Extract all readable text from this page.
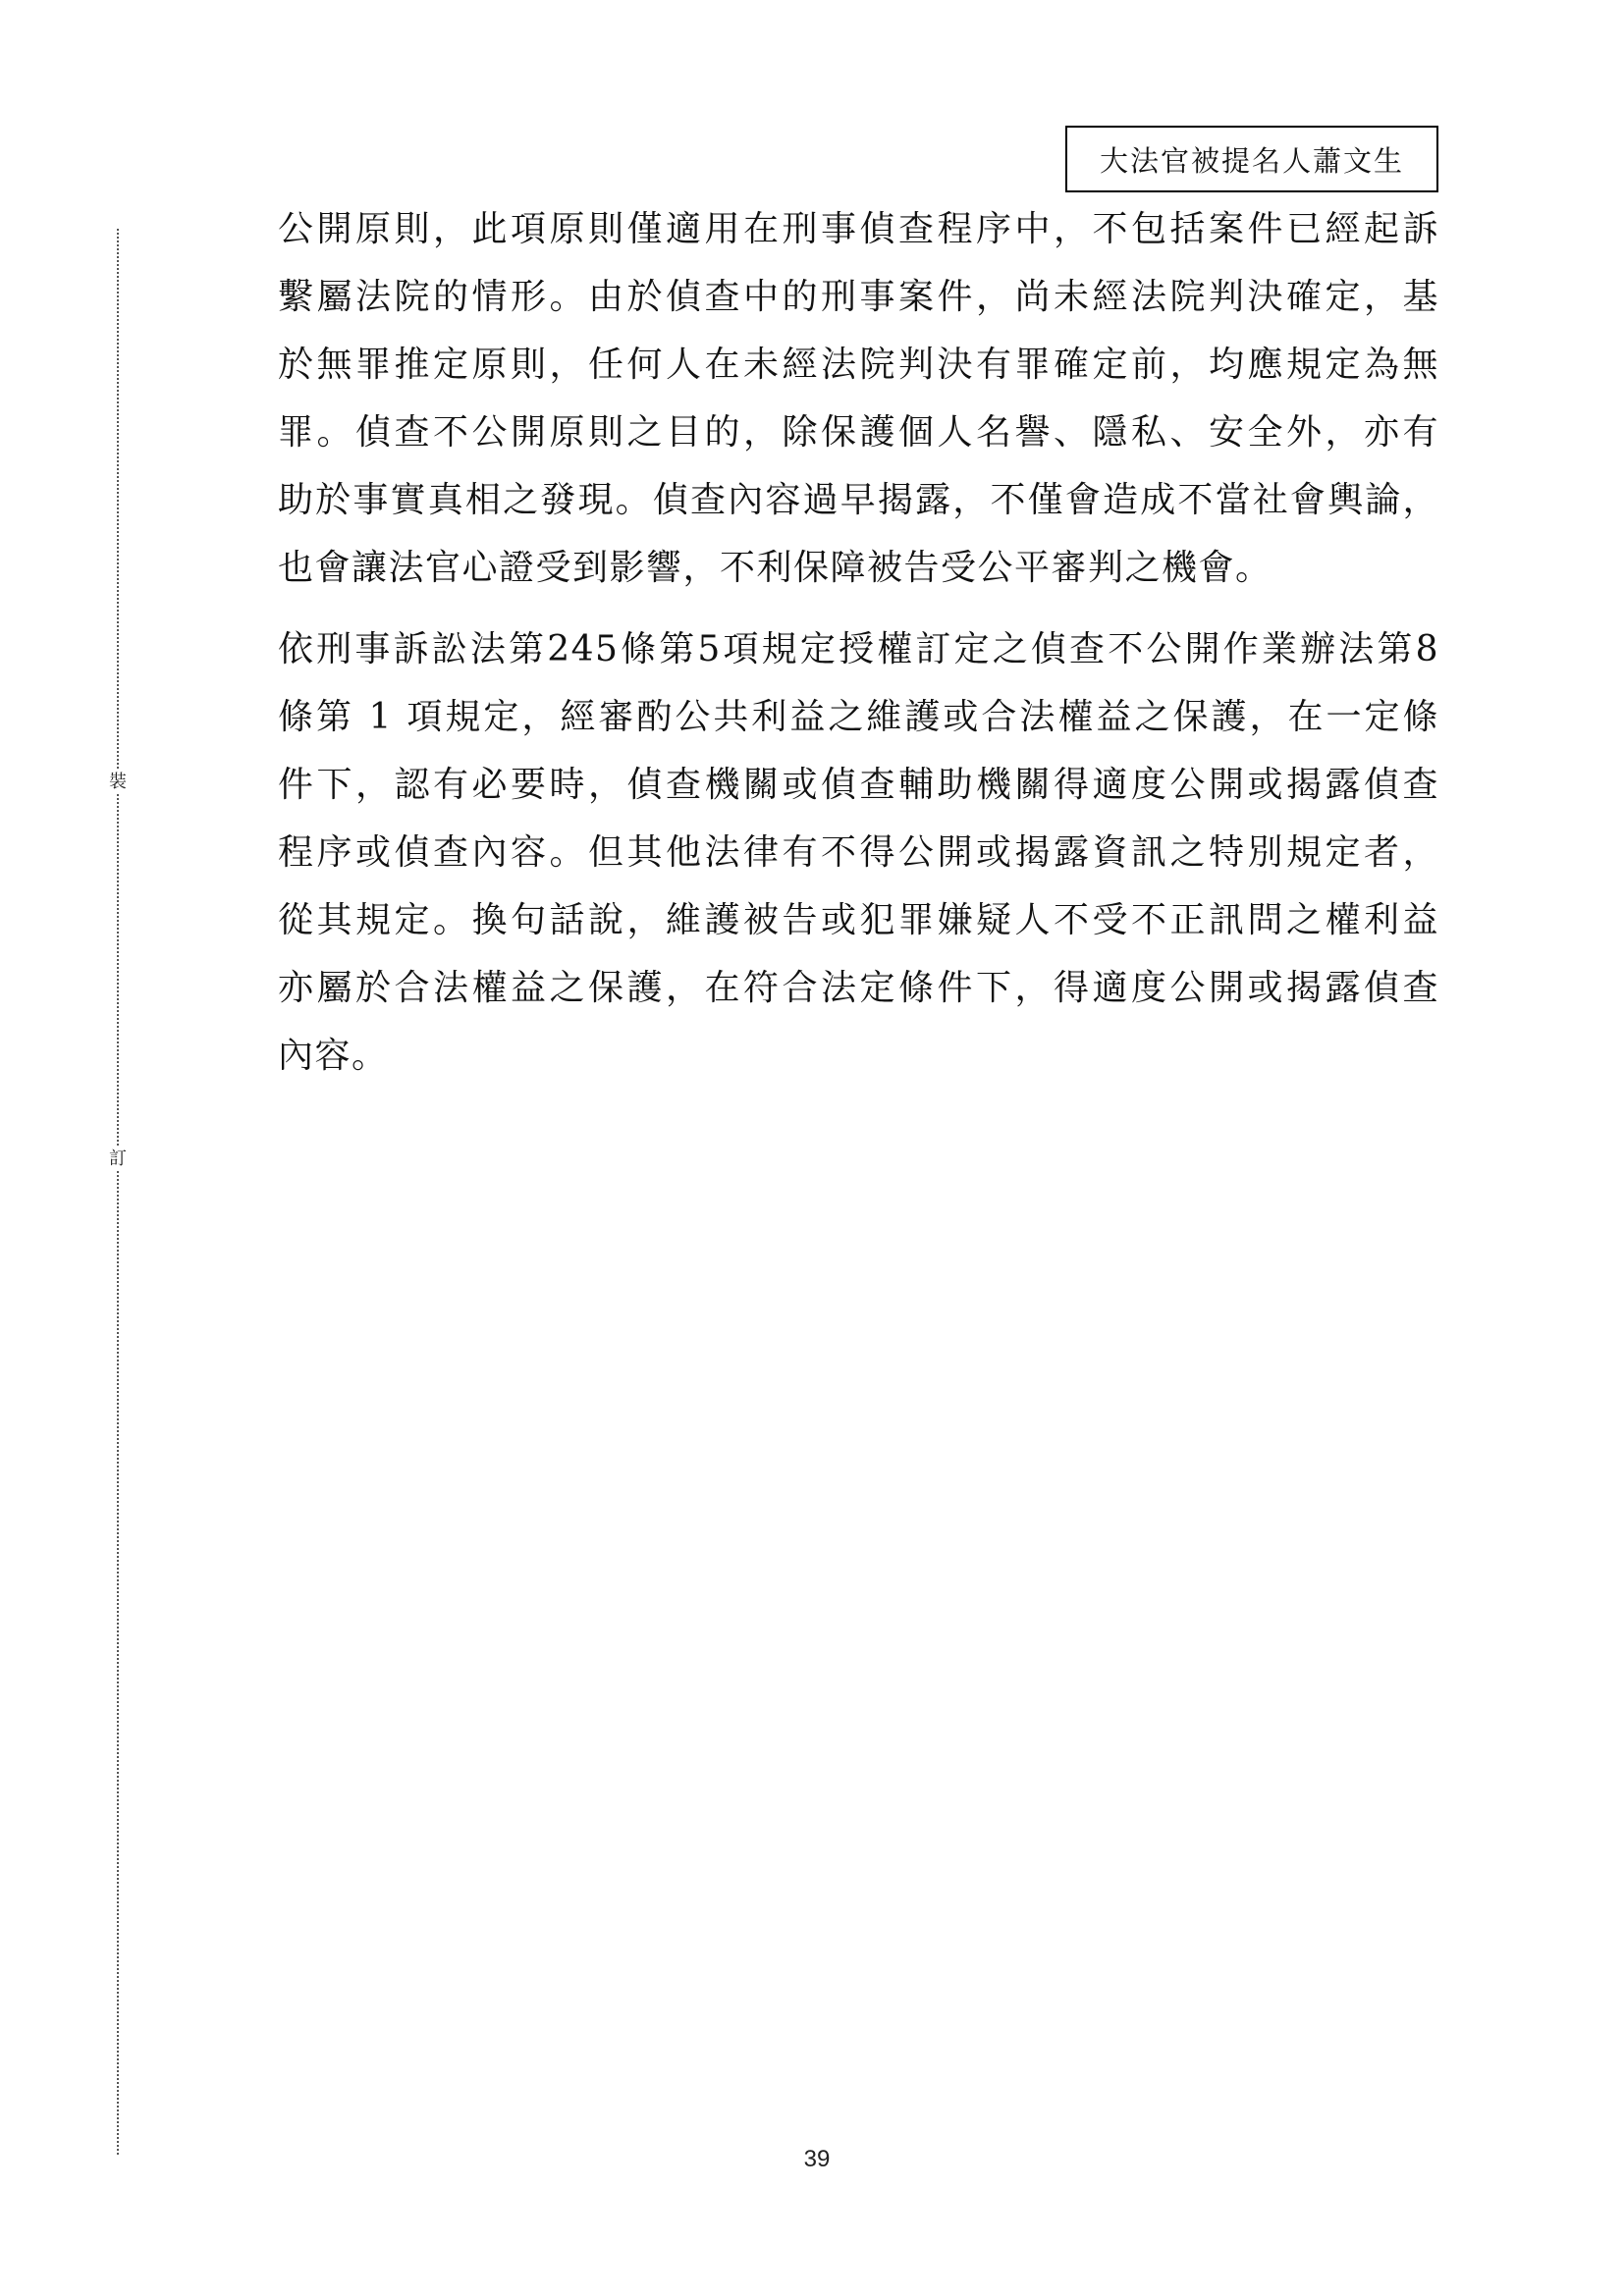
大法官被提名人蕭文生
裝
訂
公開原則，此項原則僅適用在刑事偵查程序中，不包括案件已經起訴
繫屬法院的情形。由於偵查中的刑事案件，尚未經法院判決確定，基
於無罪推定原則，任何人在未經法院判決有罪確定前，均應規定為無
罪。偵查不公開原則之目的，除保護個人名譽、隱私、安全外，亦有
助於事實真相之發現。偵查內容過早揭露，不僅會造成不當社會輿論，
也會讓法官心證受到影響，不利保障被告受公平審判之機會。
依刑事訴訟法第245條第5項規定授權訂定之偵查不公開作業辦法第8
條第 1 項規定，經審酌公共利益之維護或合法權益之保護，在一定條
件下，認有必要時，偵查機關或偵查輔助機關得適度公開或揭露偵查
程序或偵查內容。但其他法律有不得公開或揭露資訊之特別規定者，
從其規定。換句話說，維護被告或犯罪嫌疑人不受不正訊問之權利益
亦屬於合法權益之保護，在符合法定條件下，得適度公開或揭露偵查
內容。
39
